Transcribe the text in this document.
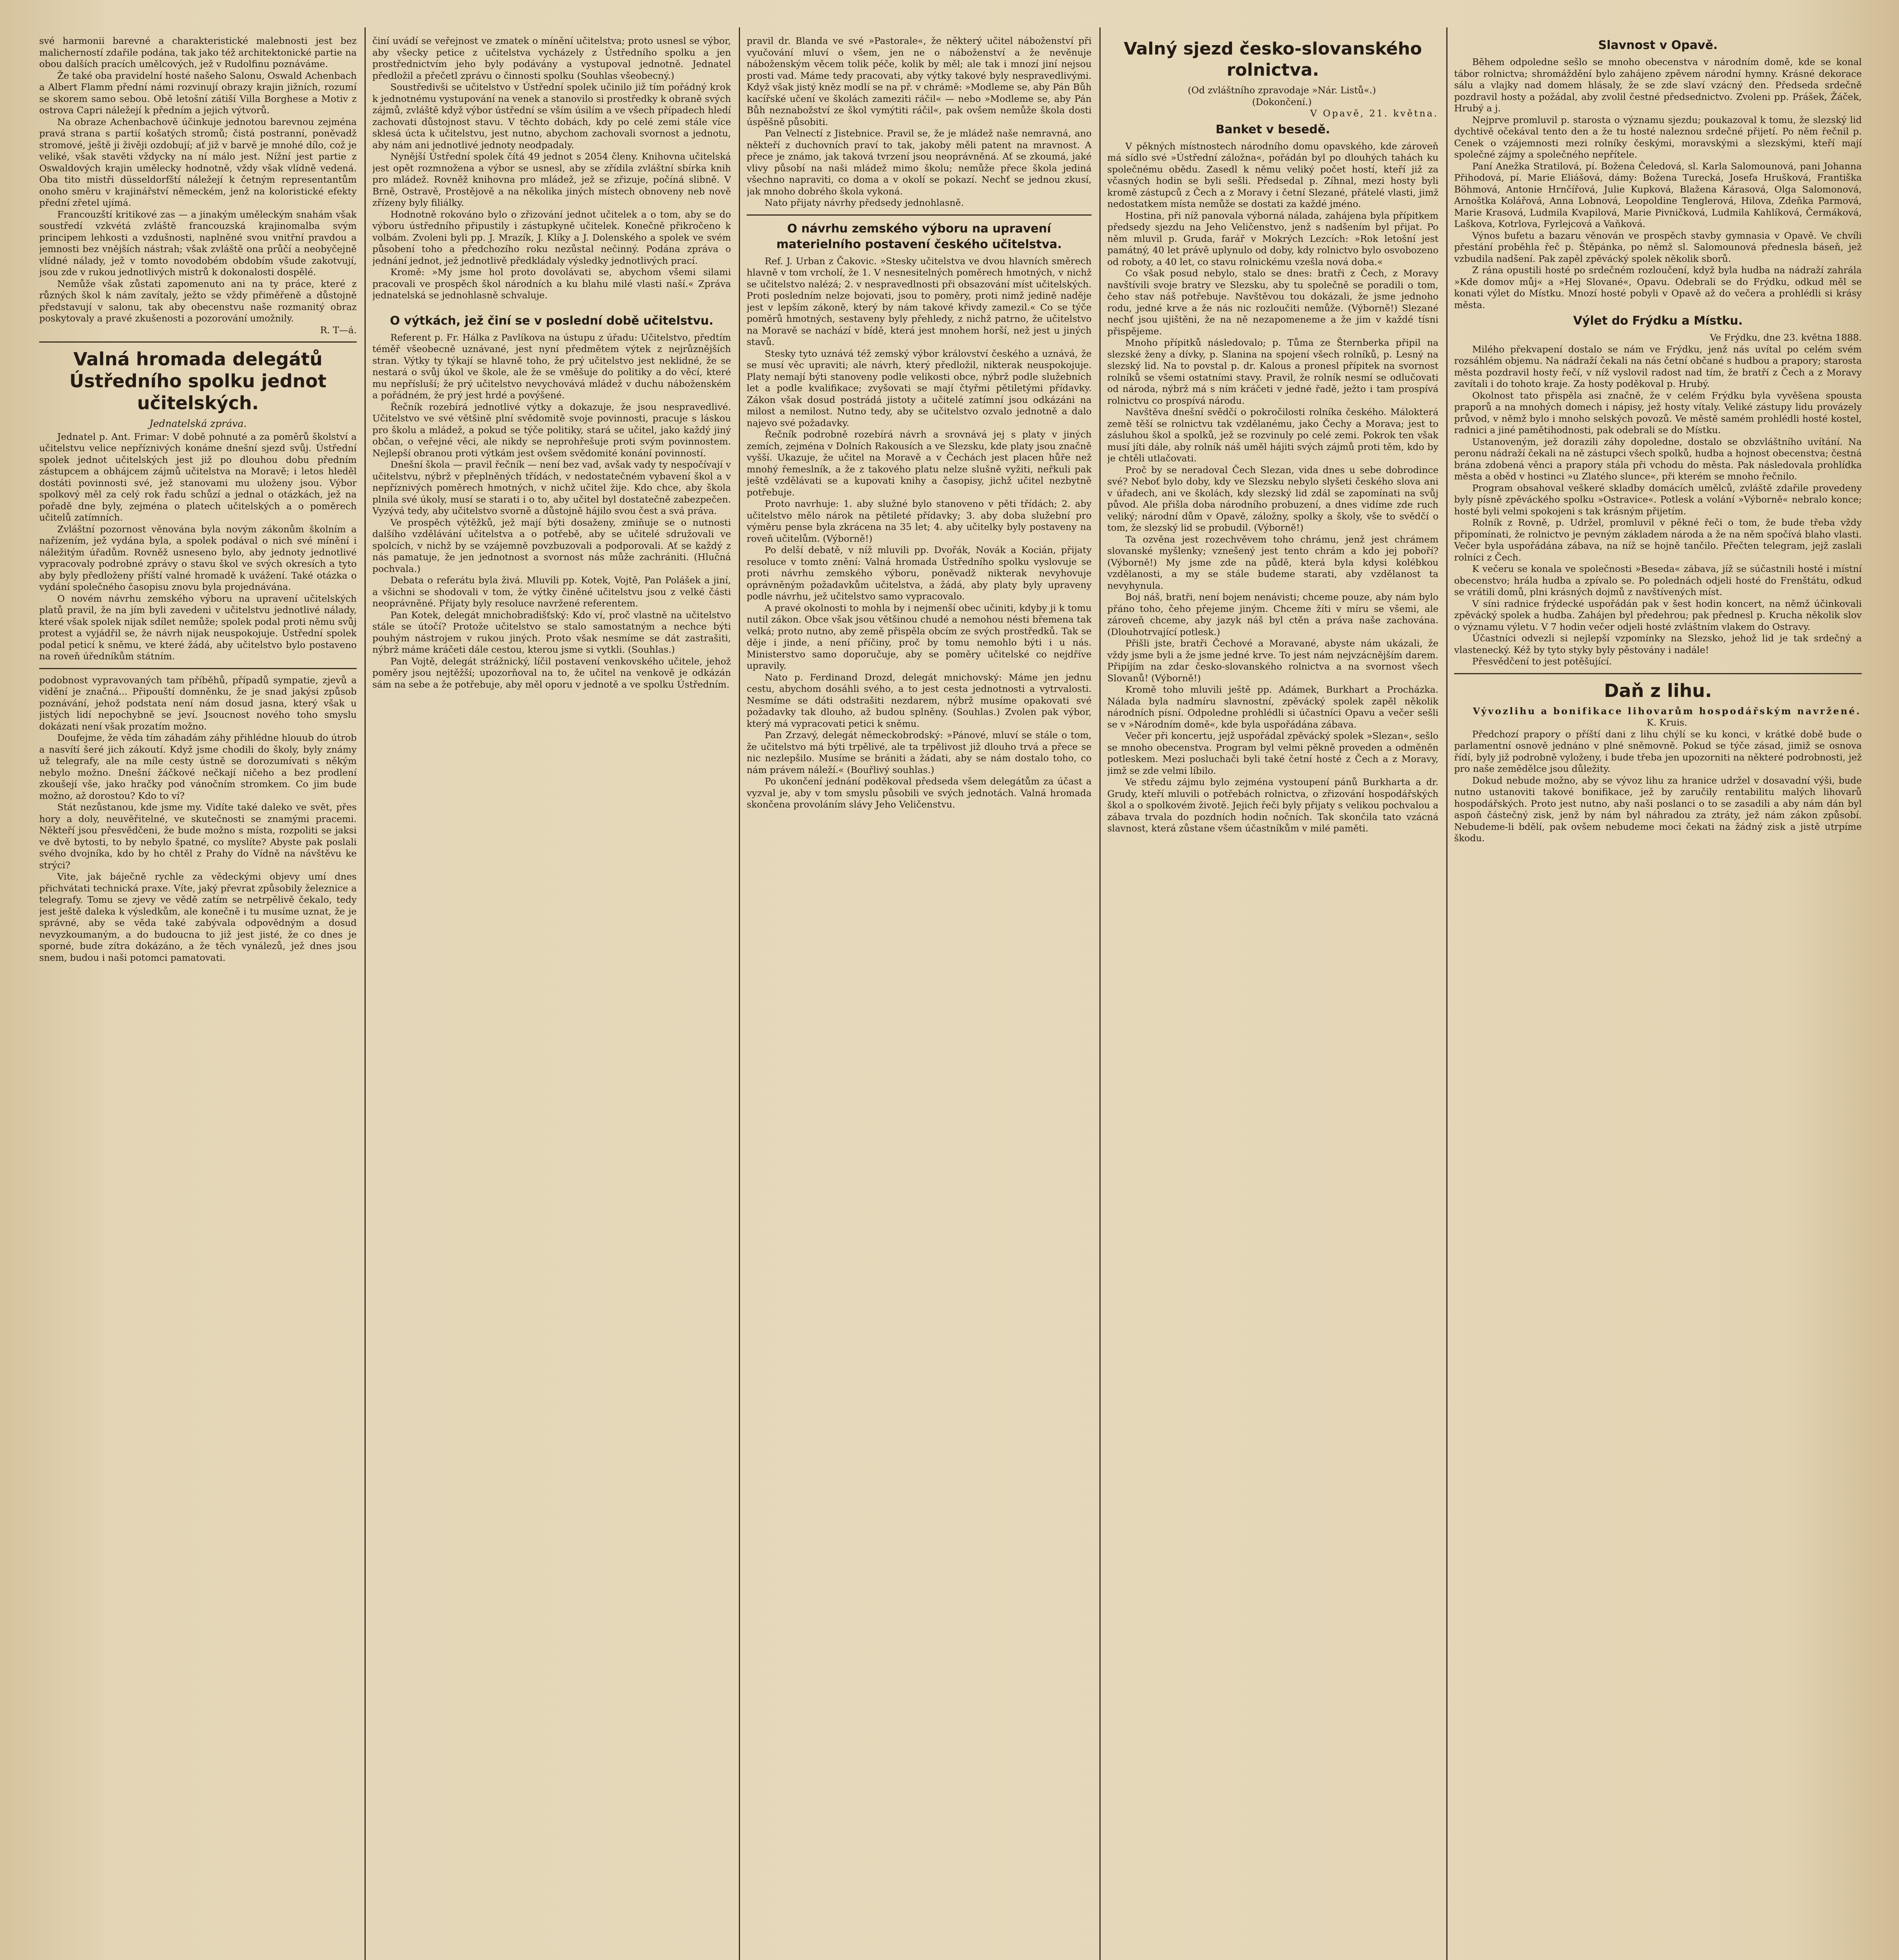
své harmonii barevné a charakteristické malebnosti jest bez malicherností zdařile podána, tak jako též architektonické partie na obou dalších pracích umělcových, jež v Rudolfinu poznáváme.

Že také oba pravidelní hosté našeho Salonu, Oswald Achenbach a Albert Flamm přední námi rozvinují obrazy krajin jižních, rozumí se skorem samo sebou. Obě letošní zátiší Villa Borghese a Motiv z ostrova Capri náležejí k předním a jejich výtvorů.

Na obraze Achenbachově účinkuje jednotou barevnou zejména pravá strana s partií košatých stromů; čistá postranní, poněvadž stromové, ještě ji živěji ozdobují; ať již v barvě je mnohé dílo, což je veliké, však stavěti vždycky na ní málo jest. Nížní jest partie z Oswaldových krajin umělecky hodnotně, vždy však vlídně vedená. Oba tito mistři düsseldorfští náležejí k četným representantům onoho směru v krajinářství německém, jenž na koloristické efekty přední zřetel ujímá.

Francouzští kritikové zas — a jinakým uměleckým snahám však soustředí vzkvétá zvláště francouzská krajinomalba svým principem lehkosti a vzdušnosti, naplněné svou vnitřní pravdou a jemnosti bez vnějších nástrah; však zvláště ona průčí a neobyčejně vlídné nálady, jež v tomto novodobém obdobím všude zakotvují, jsou zde v rukou jednotlivých mistrů k dokonalosti dospělé.

Nemůže však zůstati zapomenuto ani na ty práce, které z různých škol k nám zavítaly, ježto se vždy přiměřeně a důstojně představují v salonu, tak aby obecenstvu naše rozmanitý obraz poskytovaly a pravé zkušenosti a pozorování umožnily.

R. T—á.

Valná hromada delegátů Ústředního spolku jednot učitelských.
Jednatelská zpráva.

Jednatel p. Ant. Frimar: V době pohnuté a za poměrů školství a učitelstvu velice nepříznivých konáme dnešní sjezd svůj. Ústřední spolek jednot učitelských jest již po dlouhou dobu předním zástupcem a obhájcem zájmů učitelstva na Moravě; i letos hleděl dostáti povinnosti své, jež stanovami mu uloženy jsou. Výbor spolkový měl za celý rok řadu schůzí a jednal o otázkách, jež na pořadě dne byly, zejména o platech učitelských a o poměrech učitelů zatímních.

Zvláštní pozornost věnována byla novým zákonům školním a nařízením, jež vydána byla, a spolek podával o nich své mínění i náležitým úřadům. Rovněž usneseno bylo, aby jednoty jednotlivé vypracovaly podrobné zprávy o stavu škol ve svých okresích a tyto aby byly předloženy příští valné hromadě k uvážení. Také otázka o vydání společného časopisu znovu byla projednávána.

O novém návrhu zemského výboru na upravení učitelských platů pravil, že na jím byli zavedeni v učitelstvu jednotlivé nálady, které však spolek nijak sdílet nemůže; spolek podal proti němu svůj protest a vyjádřil se, že návrh nijak neuspokojuje. Ústřední spolek podal peticí k sněmu, ve které žádá, aby učitelstvo bylo postaveno na roveň úředníkům státním.

podobnost vypravovaných tam příběhů, případů sympatie, zjevů a vidění je značná... Připouští domněnku, že je snad jakýsi způsob poznávání, jehož podstata není nám dosud jasna, který však u jistých lidí nepochybně se jeví. Jsoucnost nového toho smyslu dokázati není však prozatím možno.

Doufejme, že věda tím záhadám záhy přihlédne hlouub do útrob a nasvítí šeré jich zákoutí. Když jsme chodili do školy, byly známy už telegrafy, ale na míle cesty ústně se dorozumívati s někým nebylo možno. Dnešní žáčkové nečkají ničeho a bez prodlení zkoušejí vše, jako hračky pod vánočním stromkem. Co jim bude možno, až dorostou? Kdo to ví?

Stát nezůstanou, kde jsme my. Vidíte také daleko ve svět, přes hory a doly, neuvěřitelné, ve skutečnosti se znamými pracemi. Někteří jsou přesvědčeni, že bude možno s místa, rozpoliti se jaksi ve dvě bytosti, to by nebylo špatné, co myslíte? Abyste pak poslali svého dvojníka, kdo by ho chtěl z Prahy do Vídně na návštěvu ke strýci?

Vite, jak báječně rychle za vědeckými objevy umí dnes přichvátati technická praxe. Víte, jaký převrat způsobily železnice a telegrafy. Tomu se zjevy ve vědě zatím se netrpělivě čekalo, tedy jest ještě daleka k výsledkům, ale konečně i tu musíme uznat, že je správné, aby se věda také zabývala odpovědným a dosud nevyzkoumaným, a do budoucna to již jest jisté, že co dnes je sporné, bude zítra dokázáno, a že těch vynálezů, jež dnes jsou snem, budou i naši potomci pamatovati.

činí uvádí se veřejnost ve zmatek o mínění učitelstva; proto usnesl se výbor, aby všecky petice z učitelstva vycházely z Ústředního spolku a jen prostřednictvím jeho byly podávány a vystupoval jednotně. Jednatel předložil a přečetl zprávu o činnosti spolku (Souhlas všeobecný.)

Soustředivši se učitelstvo v Ústřední spolek učinilo již tím pořádný krok k jednotnému vystupování na venek a stanovilo si prostředky k obraně svých zájmů, zvláště když výbor ústřední se vším úsilím a ve všech případech hledí zachovati důstojnost stavu. V těchto dobách, kdy po celé zemi stále více sklesá úcta k učitelstvu, jest nutno, abychom zachovali svornost a jednotu, aby nám ani jednotlivé jednoty neodpadaly.

Nynější Ústřední spolek čítá 49 jednot s 2054 členy. Knihovna učitelská jest opět rozmnožena a výbor se usnesl, aby se zřídila zvláštní sbírka knih pro mládež. Rovněž knihovna pro mládež, jež se zřizuje, počíná slibně. V Brně, Ostravě, Prostějově a na několika jiných místech obnoveny neb nově zřízeny byly filiálky.

Hodnotně rokováno bylo o zřizování jednot učitelek a o tom, aby se do výboru ústředního připustily i zástupkyně učitelek. Konečně přikročeno k volbám. Zvoleni byli pp. J. Mrazík, J. Klíky a J. Dolenského a spolek ve svém působení toho a předchozího roku nezůstal nečinný. Podána zpráva o jednání jednot, jež jednotlivě předkládaly výsledky jednotlivých prací.

Kromě: »My jsme hol proto dovolávati se, abychom všemi silami pracovali ve prospěch škol národních a ku blahu milé vlasti naší.« Zpráva jednatelská se jednohlasně schvaluje.

O výtkách, jež činí se v poslední době učitelstvu.

Referent p. Fr. Hálka z Pavlíkova na ústupu z úřadu: Učitelstvo, předtím téměř všeobecně uznávané, jest nyní předmětem výtek z nejrůznějších stran. Výtky ty týkají se hlavně toho, že prý učitelstvo jest neklidné, že se nestará o svůj úkol ve škole, ale že se vměšuje do politiky a do věcí, které mu nepřísluší; že prý učitelstvo nevychovává mládež v duchu náboženském a pořádném, že prý jest hrdé a povýšené.

Řečník rozebírá jednotlivé výtky a dokazuje, že jsou nespravedlivé. Učitelstvo ve své většině plní svědomitě svoje povinnosti, pracuje s láskou pro školu a mládež, a pokud se týče politiky, stará se učitel, jako každý jiný občan, o veřejné věci, ale nikdy se neprohřešuje proti svým povinnostem. Nejlepší obranou proti výtkám jest ovšem svědomité konání povinností.

Dnešní škola — pravil řečník — není bez vad, avšak vady ty nespočívají v učitelstvu, nýbrž v přeplněných třídách, v nedostatečném vybavení škol a v nepříznivých poměrech hmotných, v nichž učitel žije. Kdo chce, aby škola plnila své úkoly, musí se starati i o to, aby učitel byl dostatečně zabezpečen. Vyzývá tedy, aby učitelstvo svorně a důstojně hájilo svou čest a svá práva.

Ve prospěch výtěžků, jež mají býti dosaženy, zmiňuje se o nutnosti dalšího vzdělávání učitelstva a o potřebě, aby se učitelé sdružovali ve spolcích, v nichž by se vzájemně povzbuzovali a podporovali. Ať se každý z nás pamatuje, že jen jednotnost a svornost nás může zachrániti. (Hlučná pochvala.)

Debata o referátu byla živá. Mluvili pp. Kotek, Vojtě, Pan Polášek a jiní, a všichni se shodovali v tom, že výtky činěné učitelstvu jsou z velké části neoprávněné. Přijaty byly resoluce navržené referentem.

Pan Kotek, delegát mnichobradišťský: Kdo ví, proč vlastně na učitelstvo stále se útočí? Protože učitelstvo se stalo samostatným a nechce býti pouhým nástrojem v rukou jiných. Proto však nesmíme se dát zastrašiti, nýbrž máme kráčeti dále cestou, kterou jsme si vytkli. (Souhlas.)

Pan Vojtě, delegát strážnický, líčil postavení venkovského učitele, jehož poměry jsou nejtěžší; upozorňoval na to, že učitel na venkově je odkázán sám na sebe a že potřebuje, aby měl oporu v jednotě a ve spolku Ústředním.

pravil dr. Blanda ve své »Pastorale«, že některý učitel náboženství při vyučování mluví o všem, jen ne o náboženství a že nevěnuje náboženským věcem tolik péče, kolik by měl; ale tak i mnozí jiní nejsou prosti vad. Máme tedy pracovati, aby výtky takové byly nespravedlivými. Když však jistý kněz modlí se na př. v chrámě: »Modleme se, aby Pán Bůh kacířské učení ve školách zameziti ráčil« — nebo »Modleme se, aby Pán Bůh neznabožství ze škol vymýtiti ráčil«, pak ovšem nemůže škola dosti úspěšně působiti.

Pan Velnectí z Jistebnice. Pravil se, že je mládež naše nemravná, ano někteří z duchovních praví to tak, jakoby měli patent na mravnost. A přece je známo, jak taková tvrzení jsou neoprávněná. Ať se zkoumá, jaké vlivy působí na naši mládež mimo školu; nemůže přece škola jediná všechno napraviti, co doma a v okolí se pokazí. Nechť se jednou zkusí, jak mnoho dobrého škola vykoná.

Nato přijaty návrhy předsedy jednohlasně.

O návrhu zemského výboru na upravení materielního postavení českého učitelstva.

Ref. J. Urban z Čakovic. »Stesky učitelstva ve dvou hlavních směrech hlavně v tom vrcholí, že 1. V nesnesitelných poměrech hmotných, v nichž se učitelstvo nalézá; 2. v nespravedlnosti při obsazování míst učitelských. Proti posledním nelze bojovati, jsou to poměry, proti nimž jedině naděje jest v lepším zákoně, který by nám takové křivdy zamezil.« Co se týče poměrů hmotných, sestaveny byly přehledy, z nichž patrno, že učitelstvo na Moravě se nachází v bídě, která jest mnohem horší, než jest u jiných stavů.

Stesky tyto uznává též zemský výbor království českého a uznává, že se musí věc upraviti; ale návrh, který předložil, nikterak neuspokojuje. Platy nemají býti stanoveny podle velikosti obce, nýbrž podle služebních let a podle kvalifikace; zvyšovati se mají čtyřmi pětiletými přídavky. Zákon však dosud postrádá jistoty a učitelé zatímní jsou odkázáni na milost a nemilost. Nutno tedy, aby se učitelstvo ozvalo jednotně a dalo najevo své požadavky.

Řečník podrobně rozebírá návrh a srovnává jej s platy v jiných zemích, zejména v Dolních Rakousích a ve Slezsku, kde platy jsou značně vyšší. Ukazuje, že učitel na Moravě a v Čechách jest placen hůře než mnohý řemeslník, a že z takového platu nelze slušně vyžiti, neřkuli pak ještě vzdělávati se a kupovati knihy a časopisy, jichž učitel nezbytně potřebuje.

Proto navrhuje: 1. aby služné bylo stanoveno v pěti třídách; 2. aby učitelstvo mělo nárok na pětileté přídavky; 3. aby doba služební pro výměru pense byla zkrácena na 35 let; 4. aby učitelky byly postaveny na roveň učitelům. (Výborně!)

Po delší debatě, v níž mluvili pp. Dvořák, Novák a Kocián, přijaty resoluce v tomto znění: Valná hromada Ústředního spolku vyslovuje se proti návrhu zemského výboru, poněvadž nikterak nevyhovuje oprávněným požadavkům učitelstva, a žádá, aby platy byly upraveny podle návrhu, jež učitelstvo samo vypracovalo.

A pravé okolnosti to mohla by i nejmenší obec učiniti, kdyby ji k tomu nutil zákon. Obce však jsou většinou chudé a nemohou nésti břemena tak velká; proto nutno, aby země přispěla obcím ze svých prostředků. Tak se děje i jinde, a není příčiny, proč by tomu nemohlo býti i u nás. Ministerstvo samo doporučuje, aby se poměry učitelské co nejdříve upravily.

Nato p. Ferdinand Drozd, delegát mnichovský: Máme jen jednu cestu, abychom dosáhli svého, a to jest cesta jednotnosti a vytrvalosti. Nesmíme se dáti odstrašiti nezdarem, nýbrž musíme opakovati své požadavky tak dlouho, až budou splněny. (Souhlas.) Zvolen pak výbor, který má vypracovati petici k sněmu.

Pan Zrzavý, delegát německobrodský: »Pánové, mluví se stále o tom, že učitelstvo má býti trpělivé, ale ta trpělivost již dlouho trvá a přece se nic nezlepšilo. Musíme se brániti a žádati, aby se nám dostalo toho, co nám právem náleží.« (Bouřlivý souhlas.)

Po ukončení jednání poděkoval předseda všem delegátům za účast a vyzval je, aby v tom smyslu působili ve svých jednotách. Valná hromada skončena provoláním slávy Jeho Veličenstvu.

Valný sjezd česko-slovanského rolnictva.

(Od zvláštního zpravodaje »Nár. Listů«.)

(Dokončení.)

V Opavě, 21. května.

Banket v besedě.

V pěkných místnostech národního domu opavského, kde zároveň má sídlo své »Ústřední záložna«, pořádán byl po dlouhých tahách ku společnému obědu. Zasedl k němu veliký počet hostí, kteří již za včasných hodin se byli sešli. Předsedal p. Zíhnal, mezi hosty byli kromě zástupců z Čech a z Moravy i četní Slezané, přátelé vlasti, jimž nedostatkem místa nemůže se dostati za každé jméno.

Hostina, při níž panovala výborná nálada, zahájena byla přípitkem předsedy sjezdu na Jeho Veličenstvo, jenž s nadšením byl přijat. Po něm mluvil p. Gruda, farář v Mokrých Lezcích: »Rok letošní jest památný, 40 let právě uplynulo od doby, kdy rolnictvo bylo osvobozeno od roboty, a 40 let, co stavu rolnickému vzešla nová doba.«

Co však posud nebylo, stalo se dnes: bratři z Čech, z Moravy navštívili svoje bratry ve Slezsku, aby tu společně se poradili o tom, čeho stav náš potřebuje. Navštěvou tou dokázali, že jsme jednoho rodu, jedné krve a že nás nic rozloučiti nemůže. (Výborně!) Slezané nechť jsou ujištěni, že na ně nezapomeneme a že jim v každé tísni přispějeme.

Mnoho přípitků následovalo; p. Tůma ze Šternberka připil na slezské ženy a dívky, p. Slanina na spojení všech rolníků, p. Lesný na slezský lid. Na to povstal p. dr. Kalous a pronesl přípitek na svornost rolníků se všemi ostatními stavy. Pravil, že rolník nesmí se odlučovati od národa, nýbrž má s ním kráčeti v jedné řadě, ježto i tam prospívá rolnictvu co prospívá národu.

Navštěva dnešní svědčí o pokročilosti rolníka českého. Málokterá země těší se rolnictvu tak vzdělanému, jako Čechy a Morava; jest to zásluhou škol a spolků, jež se rozvinuly po celé zemi. Pokrok ten však musí jíti dále, aby rolník náš uměl hájiti svých zájmů proti těm, kdo by je chtěli utlačovati.

Proč by se neradoval Čech Slezan, vida dnes u sebe dobrodince své? Neboť bylo doby, kdy ve Slezsku nebylo slyšeti českého slova ani v úřadech, ani ve školách, kdy slezský lid zdál se zapomínati na svůj původ. Ale přišla doba národního probuzení, a dnes vidíme zde ruch veliký; národní dům v Opavě, záložny, spolky a školy, vše to svědčí o tom, že slezský lid se probudil. (Výborně!)

Ta ozvěna jest rozechvěvem toho chrámu, jenž jest chrámem slovanské myšlenky; vznešený jest tento chrám a kdo jej poboří? (Výborně!) My jsme zde na půdě, která byla kdysi kolébkou vzdělanosti, a my se stále budeme starati, aby vzdělanost ta nevyhynula.

Boj náš, bratři, není bojem nenávisti; chceme pouze, aby nám bylo přáno toho, čeho přejeme jiným. Chceme žíti v míru se všemi, ale zároveň chceme, aby jazyk náš byl ctěn a práva naše zachována. (Dlouhotrvající potlesk.)

Přišli jste, bratři Čechové a Moravané, abyste nám ukázali, že vždy jsme byli a že jsme jedné krve. To jest nám nejvzácnějším darem. Připíjím na zdar česko-slovanského rolnictva a na svornost všech Slovanů! (Výborně!)

Kromě toho mluvili ještě pp. Adámek, Burkhart a Procházka. Nálada byla nadmíru slavnostní, zpěvácký spolek zapěl několik národních písní. Odpoledne prohlédli si účastníci Opavu a večer sešli se v »Národním domě«, kde byla uspořádána zábava.

Večer při koncertu, jejž uspořádal zpěvácký spolek »Slezan«, sešlo se mnoho obecenstva. Program byl velmi pěkně proveden a odměněn potleskem. Mezi posluchači byli také četní hosté z Čech a z Moravy, jimž se zde velmi líbilo.

Ve středu zájmu bylo zejména vystoupení pánů Burkharta a dr. Grudy, kteří mluvili o potřebách rolnictva, o zřizování hospodářských škol a o spolkovém životě. Jejich řeči byly přijaty s velikou pochvalou a zábava trvala do pozdních hodin nočních. Tak skončila tato vzácná slavnost, která zůstane všem účastníkům v milé paměti.

Slavnost v Opavě.

Během odpoledne sešlo se mnoho obecenstva v národním domě, kde se konal tábor rolnictva; shromáždění bylo zahájeno zpěvem národní hymny. Krásné dekorace sálu a vlajky nad domem hlásaly, že se zde slaví vzácný den. Předseda srdečně pozdravil hosty a požádal, aby zvolil čestné předsednictvo. Zvoleni pp. Prášek, Žáček, Hrubý a j.

Nejprve promluvil p. starosta o významu sjezdu; poukazoval k tomu, že slezský lid dychtivě očekával tento den a že tu hosté naleznou srdečné přijetí. Po něm řečnil p. Cenek o vzájemnosti mezi rolníky českými, moravskými a slezskými, kteří mají společné zájmy a společného nepřítele.

Paní Anežka Stratilová, pí. Božena Čeledová, sl. Karla Salomounová, pani Johanna Přihodová, pí. Marie Eliášová, dámy: Božena Turecká, Josefa Hrušková, Františka Böhmová, Antonie Hrnčířová, Julie Kupková, Blažena Kárasová, Olga Salomonová, Arnoštka Kolářová, Anna Lobnová, Leopoldine Tenglerová, Hilova, Zdeňka Parmová, Marie Krasová, Ludmila Kvapilová, Marie Pivničková, Ludmila Kahlíková, Čermáková, Laškova, Kotrlova, Fyrlejcová a Vaňková.

Výnos bufetu a bazaru věnován ve prospěch stavby gymnasia v Opavě. Ve chvíli přestání proběhla řeč p. Štěpánka, po němž sl. Salomounová přednesla báseň, jež vzbudila nadšení. Pak zapěl zpěvácký spolek několik sborů.

Z rána opustili hosté po srdečném rozloučení, když byla hudba na nádraží zahrála »Kde domov můj« a »Hej Slované«, Opavu. Odebrali se do Frýdku, odkud měl se konati výlet do Místku. Mnozí hosté pobyli v Opavě až do večera a prohlédli si krásy města.

Výlet do Frýdku a Místku.

Ve Frýdku, dne 23. května 1888.

Milého překvapení dostalo se nám ve Frýdku, jenž nás uvítal po celém svém rozsáhlém objemu. Na nádraží čekali na nás četní občané s hudbou a prapory; starosta města pozdravil hosty řečí, v níž vyslovil radost nad tím, že bratří z Čech a z Moravy zavítali i do tohoto kraje. Za hosty poděkoval p. Hrubý.

Okolnost tato přispěla asi značně, že v celém Frýdku byla vyvěšena spousta praporů a na mnohých domech i nápisy, jež hosty vítaly. Veliké zástupy lidu provázely průvod, v němž bylo i mnoho selských povozů. Ve městě samém prohlédli hosté kostel, radnici a jiné pamětihodnosti, pak odebrali se do Místku.

Ustanoveným, jež dorazili záhy dopoledne, dostalo se obzvláštního uvítání. Na peronu nádraží čekali na ně zástupci všech spolků, hudba a hojnost obecenstva; čestná brána zdobená věnci a prapory stála při vchodu do města. Pak následovala prohlídka města a oběd v hostinci »u Zlatého slunce«, při kterém se mnoho řečnilo.

Program obsahoval veškeré skladby domácích umělců, zvláště zdařile provedeny byly písně zpěváckého spolku »Ostravice«. Potlesk a volání »Výborně« nebralo konce; hosté byli velmi spokojeni s tak krásným přijetím.

Rolník z Rovně, p. Udržel, promluvil v pěkné řeči o tom, že bude třeba vždy připomínati, že rolnictvo je pevným základem národa a že na něm spočívá blaho vlasti. Večer byla uspořádána zábava, na níž se hojně tančilo. Přečten telegram, jejž zaslali rolníci z Čech.

K večeru se konala ve společnosti »Beseda« zábava, jíž se súčastnili hosté i místní obecenstvo; hrála hudba a zpívalo se. Po polednách odjeli hosté do Frenštátu, odkud se vrátili domů, plni krásných dojmů z navštívených míst.

V síni radnice frýdecké uspořádán pak v šest hodin koncert, na němž účinkovali zpěvácký spolek a hudba. Zahájen byl předehrou; pak přednesl p. Krucha několik slov o významu výletu. V 7 hodin večer odjeli hosté zvláštním vlakem do Ostravy.

Účastníci odvezli si nejlepší vzpomínky na Slezsko, jehož lid je tak srdečný a vlastenecký. Kéž by tyto styky byly pěstovány i nadále!

Přesvědčení to jest potěšující.

Daň z lihu.

Vývozlihu a bonifikace lihovarům hospodářským navržené.

K. Kruis.

Předchozí prapory o příští dani z lihu chýlí se ku konci, v krátké době bude o parlamentní osnově jednáno v plné sněmovně. Pokud se týče zásad, jimiž se osnova řídí, byly již podrobně vyloženy, i bude třeba jen upozorniti na některé podrobnosti, jež pro naše zemědělce jsou důležity.

Dokud nebude možno, aby se vývoz lihu za hranice udržel v dosavadní výši, bude nutno ustanoviti takové bonifikace, jež by zaručily rentabilitu malých lihovarů hospodářských. Proto jest nutno, aby naši poslanci o to se zasadili a aby nám dán byl aspoň částečný zisk, jenž by nám byl náhradou za ztráty, jež nám zákon způsobí. Nebudeme-li bdělí, pak ovšem nebudeme moci čekati na žádný zisk a jistě utrpíme škodu.
